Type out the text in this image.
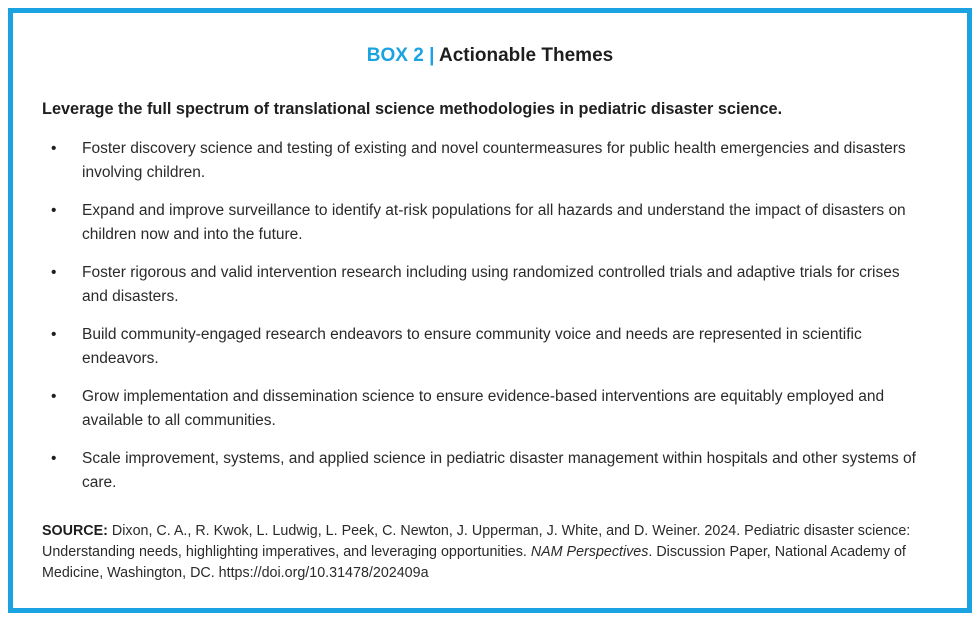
BOX 2 | Actionable Themes
Leverage the full spectrum of translational science methodologies in pediatric disaster science.
• Foster discovery science and testing of existing and novel countermeasures for public health emergencies and disasters involving children.
• Expand and improve surveillance to identify at-risk populations for all hazards and understand the impact of disasters on children now and into the future.
• Foster rigorous and valid intervention research including using randomized controlled trials and adaptive trials for crises and disasters.
• Build community-engaged research endeavors to ensure community voice and needs are represented in scientific endeavors.
• Grow implementation and dissemination science to ensure evidence-based interventions are equitably employed and available to all communities.
• Scale improvement, systems, and applied science in pediatric disaster management within hospitals and other systems of care.
SOURCE: Dixon, C. A., R. Kwok, L. Ludwig, L. Peek, C. Newton, J. Upperman, J. White, and D. Weiner. 2024. Pediatric disaster science: Understanding needs, highlighting imperatives, and leveraging opportunities. NAM Perspectives. Discussion Paper, National Academy of Medicine, Washington, DC. https://doi.org/10.31478/202409a
